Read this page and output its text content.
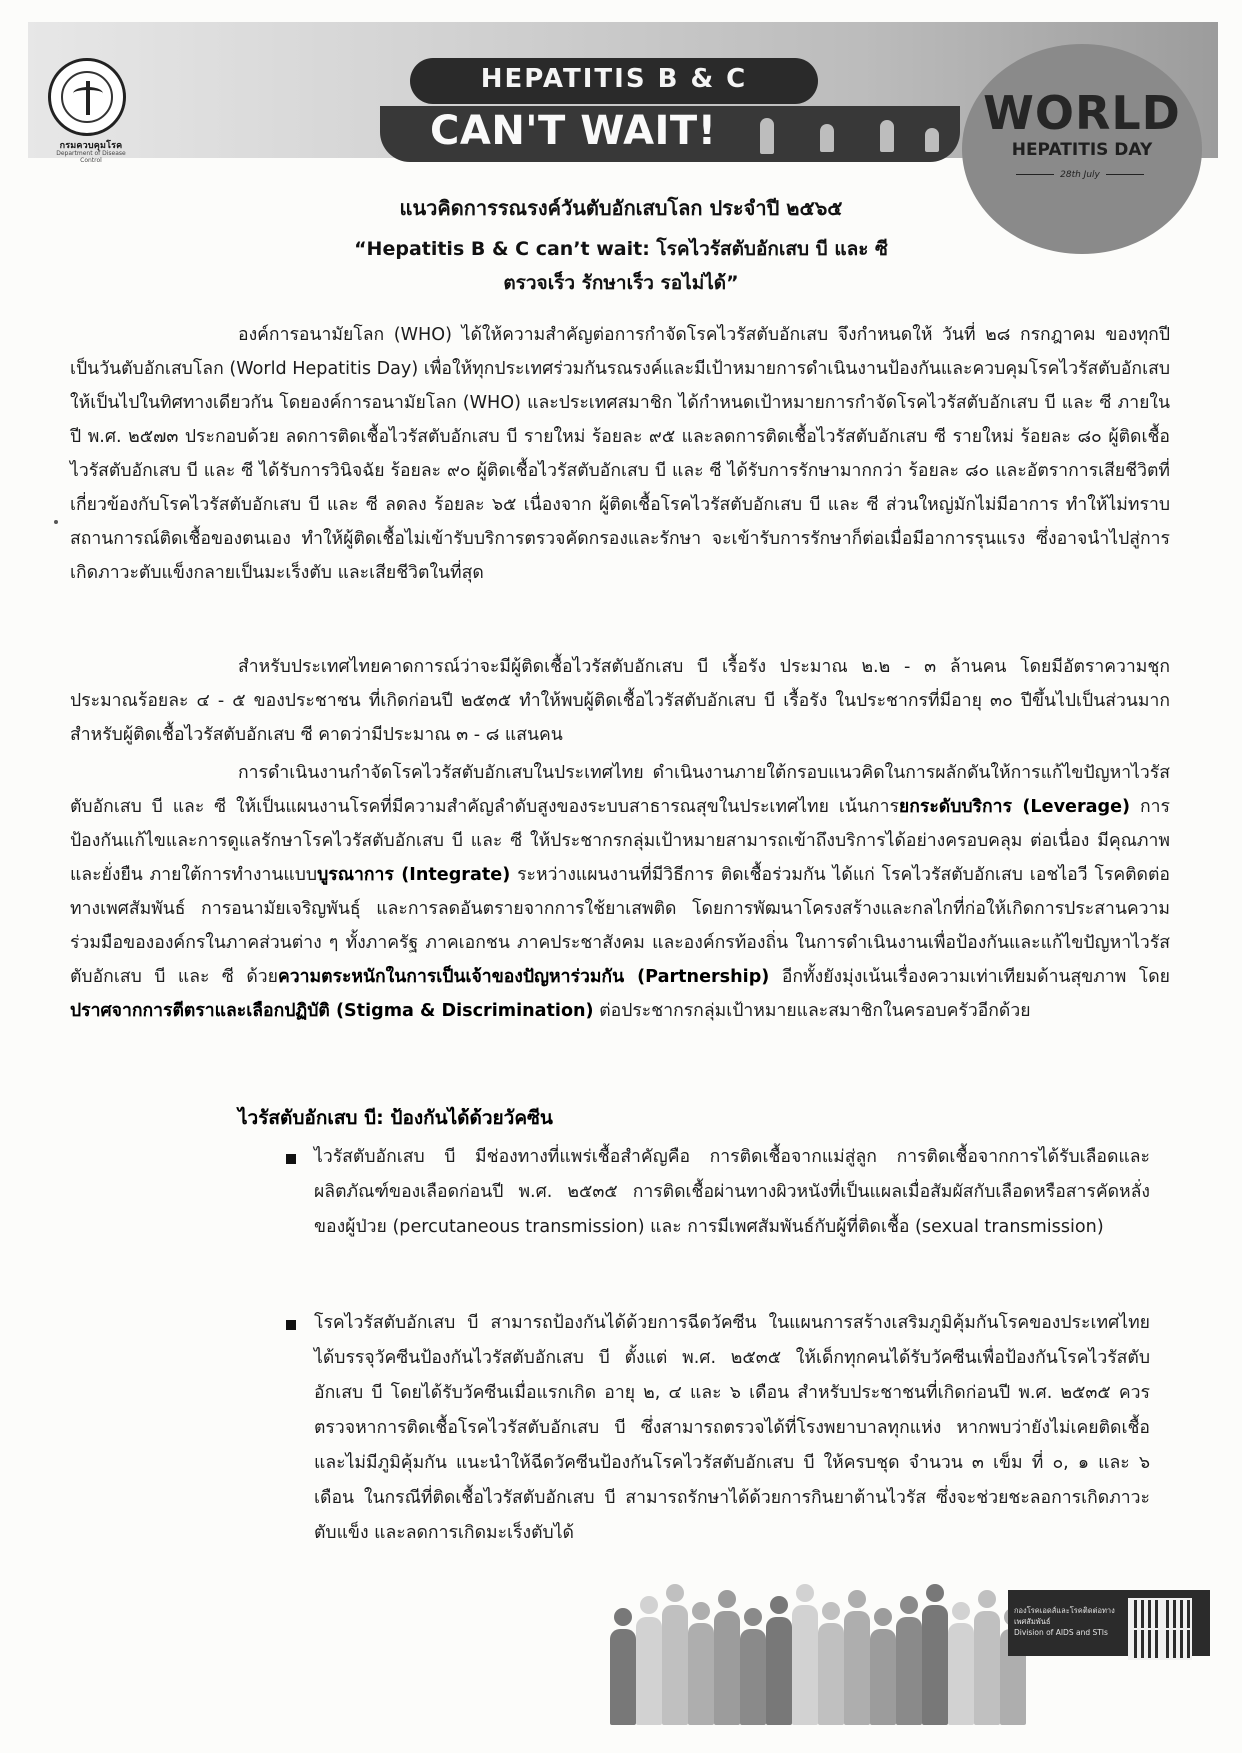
กรมควบคุมโรค
Department of Disease Control
HEPATITIS B & C
CAN'T WAIT!	WORLD
HEPATITIS DAY
28th July
แนวคิดการรณรงค์วันตับอักเสบโลก ประจำปี ๒๕๖๕
“Hepatitis B & C can’t wait: โรคไวรัสตับอักเสบ บี และ ซี
ตรวจเร็ว รักษาเร็ว รอไม่ได้”
องค์การอนามัยโลก (WHO) ได้ให้ความสำคัญต่อการกำจัดโรคไวรัสตับอักเสบ จึงกำหนดให้ วันที่ ๒๘ กรกฎาคม ของทุกปี เป็นวันตับอักเสบโลก (World Hepatitis Day) เพื่อให้ทุกประเทศร่วมกันรณรงค์และมีเป้าหมายการดำเนินงานป้องกันและควบคุมโรคไวรัสตับอักเสบให้เป็นไปในทิศทางเดียวกัน โดยองค์การอนามัยโลก (WHO) และประเทศสมาชิก ได้กำหนดเป้าหมายการกำจัดโรคไวรัสตับอักเสบ บี และ ซี ภายในปี พ.ศ. ๒๕๗๓ ประกอบด้วย ลดการติดเชื้อไวรัสตับอักเสบ บี รายใหม่ ร้อยละ ๙๕ และลดการติดเชื้อไวรัสตับอักเสบ ซี รายใหม่ ร้อยละ ๘๐ ผู้ติดเชื้อไวรัสตับอักเสบ บี และ ซี ได้รับการวินิจฉัย ร้อยละ ๙๐ ผู้ติดเชื้อไวรัสตับอักเสบ บี และ ซี ได้รับการรักษามากกว่า ร้อยละ ๘๐ และอัตราการเสียชีวิตที่เกี่ยวข้องกับโรคไวรัสตับอักเสบ บี และ ซี ลดลง ร้อยละ ๖๕ เนื่องจาก ผู้ติดเชื้อโรคไวรัสตับอักเสบ บี และ ซี ส่วนใหญ่มักไม่มีอาการ ทำให้ไม่ทราบสถานการณ์ติดเชื้อของตนเอง ทำให้ผู้ติดเชื้อไม่เข้ารับบริการตรวจคัดกรองและรักษา จะเข้ารับการรักษาก็ต่อเมื่อมีอาการรุนแรง ซึ่งอาจนำไปสู่การเกิดภาวะตับแข็งกลายเป็นมะเร็งตับ และเสียชีวิตในที่สุด
สำหรับประเทศไทยคาดการณ์ว่าจะมีผู้ติดเชื้อไวรัสตับอักเสบ บี เรื้อรัง ประมาณ ๒.๒ - ๓ ล้านคน โดยมีอัตราความชุกประมาณร้อยละ ๔ - ๕ ของประชาชน ที่เกิดก่อนปี ๒๕๓๕ ทำให้พบผู้ติดเชื้อไวรัสตับอักเสบ บี เรื้อรัง ในประชากรที่มีอายุ ๓๐ ปีขึ้นไปเป็นส่วนมาก สำหรับผู้ติดเชื้อไวรัสตับอักเสบ ซี คาดว่ามีประมาณ ๓ - ๘ แสนคน
การดำเนินงานกำจัดโรคไวรัสตับอักเสบในประเทศไทย ดำเนินงานภายใต้กรอบแนวคิดในการผลักดันให้การแก้ไขปัญหาไวรัสตับอักเสบ บี และ ซี ให้เป็นแผนงานโรคที่มีความสำคัญลำดับสูงของระบบสาธารณสุขในประเทศไทย เน้นการยกระดับบริการ (Leverage) การป้องกันแก้ไขและการดูแลรักษาโรคไวรัสตับอักเสบ บี และ ซี ให้ประชากรกลุ่มเป้าหมายสามารถเข้าถึงบริการได้อย่างครอบคลุม ต่อเนื่อง มีคุณภาพ และยั่งยืน ภายใต้การทำงานแบบบูรณาการ (Integrate) ระหว่างแผนงานที่มีวิธีการ ติดเชื้อร่วมกัน ได้แก่ โรคไวรัสตับอักเสบ เอชไอวี โรคติดต่อทางเพศสัมพันธ์ การอนามัยเจริญพันธุ์ และการลดอันตรายจากการใช้ยาเสพติด โดยการพัฒนาโครงสร้างและกลไกที่ก่อให้เกิดการประสานความร่วมมือขององค์กรในภาคส่วนต่าง ๆ ทั้งภาครัฐ ภาคเอกชน ภาคประชาสังคม และองค์กรท้องถิ่น ในการดำเนินงานเพื่อป้องกันและแก้ไขปัญหาไวรัสตับอักเสบ บี และ ซี ด้วยความตระหนักในการเป็นเจ้าของปัญหาร่วมกัน (Partnership) อีกทั้งยังมุ่งเน้นเรื่องความเท่าเทียมด้านสุขภาพ โดยปราศจากการตีตราและเลือกปฏิบัติ (Stigma & Discrimination) ต่อประชากรกลุ่มเป้าหมายและสมาชิกในครอบครัวอีกด้วย
ไวรัสตับอักเสบ บี: ป้องกันได้ด้วยวัคซีน
ไวรัสตับอักเสบ บี มีช่องทางที่แพร่เชื้อสำคัญคือ การติดเชื้อจากแม่สู่ลูก การติดเชื้อจากการได้รับเลือดและผลิตภัณฑ์ของเลือดก่อนปี พ.ศ. ๒๕๓๕ การติดเชื้อผ่านทางผิวหนังที่เป็นแผลเมื่อสัมผัสกับเลือดหรือสารคัดหลั่งของผู้ป่วย (percutaneous transmission) และ การมีเพศสัมพันธ์กับผู้ที่ติดเชื้อ (sexual transmission)
โรคไวรัสตับอักเสบ บี สามารถป้องกันได้ด้วยการฉีดวัคซีน ในแผนการสร้างเสริมภูมิคุ้มกันโรคของประเทศไทย ได้บรรจุวัคซีนป้องกันไวรัสตับอักเสบ บี ตั้งแต่ พ.ศ. ๒๕๓๕ ให้เด็กทุกคนได้รับวัคซีนเพื่อป้องกันโรคไวรัสตับอักเสบ บี โดยได้รับวัคซีนเมื่อแรกเกิด อายุ ๒, ๔ และ ๖ เดือน สำหรับประชาชนที่เกิดก่อนปี พ.ศ. ๒๕๓๕ ควรตรวจหาการติดเชื้อโรคไวรัสตับอักเสบ บี ซึ่งสามารถตรวจได้ที่โรงพยาบาลทุกแห่ง หากพบว่ายังไม่เคยติดเชื้อ และไม่มีภูมิคุ้มกัน แนะนำให้ฉีดวัคซีนป้องกันโรคไวรัสตับอักเสบ บี ให้ครบชุด จำนวน ๓ เข็ม ที่ ๐, ๑ และ ๖ เดือน ในกรณีที่ติดเชื้อไวรัสตับอักเสบ บี สามารถรักษาได้ด้วยการกินยาต้านไวรัส ซึ่งจะช่วยชะลอการเกิดภาวะตับแข็ง และลดการเกิดมะเร็งตับได้
กองโรคเอดส์และโรคติดต่อทางเพศสัมพันธ์
Division of AIDS and STIs
